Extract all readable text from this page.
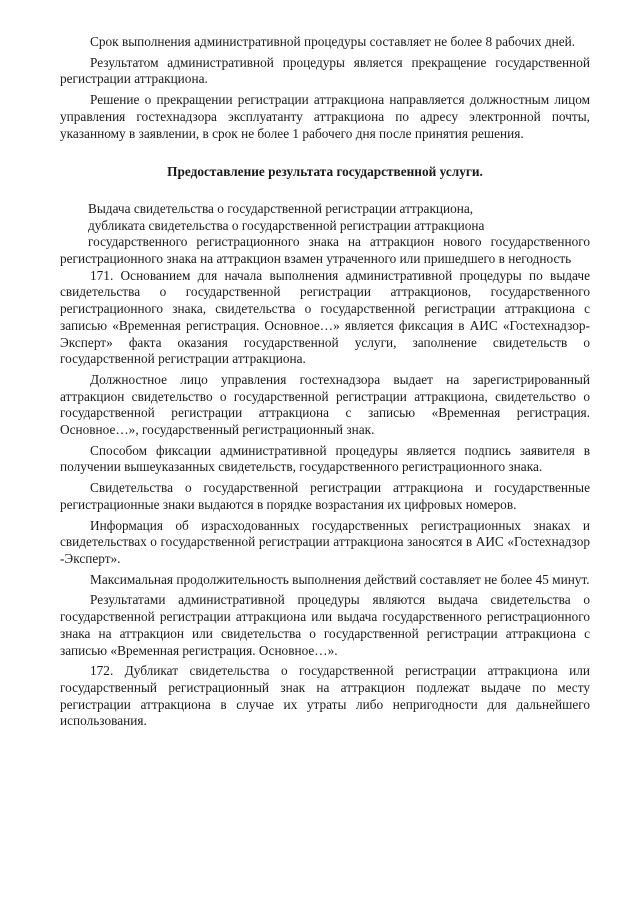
Срок выполнения административной процедуры составляет не более 8 рабочих дней.

Результатом административной процедуры является прекращение государственной регистрации аттракциона.

Решение о прекращении регистрации аттракциона направляется должностным лицом управления гостехнадзора эксплуатанту аттракциона по адресу электронной почты, указанному в заявлении, в срок не более 1 рабочего дня после принятия решения.

Предоставление результата государственной услуги.

Выдача свидетельства о государственной регистрации аттракциона,

дубликата свидетельства о государственной регистрации аттракциона

государственного регистрационного знака на аттракцион нового государственного регистрационного знака на аттракцион взамен утраченного или пришедшего в негодность

171. Основанием для начала выполнения административной процедуры по выдаче свидетельства о государственной регистрации аттракционов, государственного регистрационного знака, свидетельства о государственной регистрации аттракциона с записью «Временная регистрация. Основное…» является фиксация в АИС «Гостехнадзор- Эксперт» факта оказания государственной услуги, заполнение свидетельств о государственной регистрации аттракциона.

Должностное лицо управления гостехнадзора выдает на зарегистрированный аттракцион свидетельство о государственной регистрации аттракциона, свидетельство о государственной регистрации аттракциона с записью «Временная регистрация. Основное…», государственный регистрационный знак.

Способом фиксации административной процедуры является подпись заявителя в получении вышеуказанных свидетельств, государственного регистрационного знака.

Свидетельства о государственной регистрации аттракциона и государственные регистрационные знаки выдаются в порядке возрастания их цифровых номеров.

Информация об израсходованных государственных регистрационных знаках и свидетельствах о государственной регистрации аттракциона заносятся в АИС «Гостехнадзор -Эксперт».

Максимальная продолжительность выполнения действий составляет не более 45 минут.

Результатами административной процедуры являются выдача свидетельства о государственной регистрации аттракциона или выдача государственного регистрационного знака на аттракцион или свидетельства о государственной регистрации аттракциона с записью «Временная регистрация. Основное…».

172. Дубликат свидетельства о государственной регистрации аттракциона или государственный регистрационный знак на аттракцион подлежат выдаче по месту регистрации аттракциона в случае их утраты либо непригодности для дальнейшего использования.
